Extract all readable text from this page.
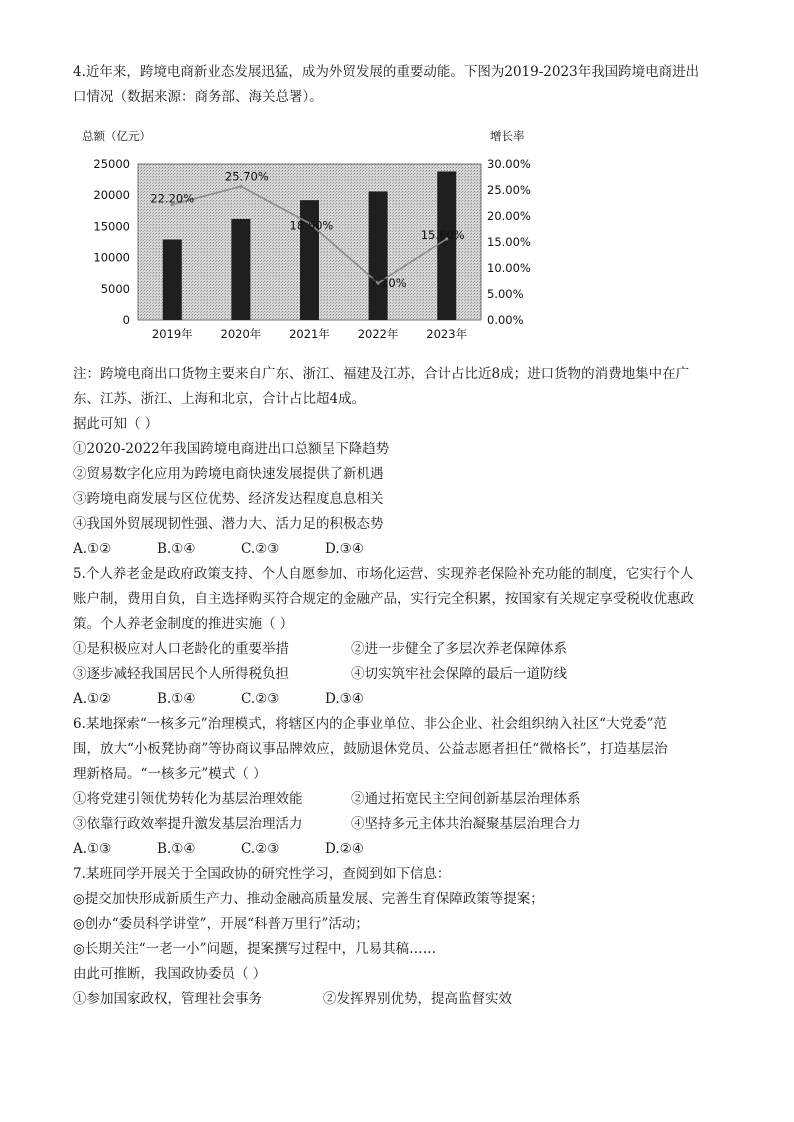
4.近年来，跨境电商新业态发展迅猛，成为外贸发展的重要动能。下图为2019-2023年我国跨境电商进出
口情况（数据来源：商务部、海关总署）。
总额（亿元）	增长率
0
5000
10000
15000
20000
25000
0.00%
5.00%
10.00%
15.00%
20.00%
25.00%
30.00%
22.20%
25.70%
18.60%
7.10%
15.60%
2019年 2020年 2021年 2022年 2023年
注：跨境电商出口货物主要来自广东、浙江、福建及江苏，合计占比近8成；进口货物的消费地集中在广
东、江苏、浙江、上海和北京，合计占比超4成。
据此可知（ ）
①2020-2022年我国跨境电商进出口总额呈下降趋势
②贸易数字化应用为跨境电商快速发展提供了新机遇
③跨境电商发展与区位优势、经济发达程度息息相关
④我国外贸展现韧性强、潜力大、活力足的积极态势
A.①②	B.①④	C.②③	D.③④
5.个人养老金是政府政策支持、个人自愿参加、市场化运营、实现养老保险补充功能的制度，它实行个人
账户制，费用自负，自主选择购买符合规定的金融产品，实行完全积累，按国家有关规定享受税收优惠政
策。个人养老金制度的推进实施（ ）
①是积极应对人口老龄化的重要举措	②进一步健全了多层次养老保障体系
③逐步减轻我国居民个人所得税负担	④切实筑牢社会保障的最后一道防线
A.①②	B.①④	C.②③	D.③④
6.某地探索“一核多元”治理模式，将辖区内的企事业单位、非公企业、社会组织纳入社区“大党委”范
围，放大“小板凳协商”等协商议事品牌效应，鼓励退休党员、公益志愿者担任“微格长”，打造基层治
理新格局。“一核多元”模式（ ）
①将党建引领优势转化为基层治理效能	②通过拓宽民主空间创新基层治理体系
③依靠行政效率提升激发基层治理活力	④坚持多元主体共治凝聚基层治理合力
A.①③	B.①④	C.②③	D.②④
7.某班同学开展关于全国政协的研究性学习，查阅到如下信息：
◎提交加快形成新质生产力、推动金融高质量发展、完善生育保障政策等提案；
◎创办“委员科学讲堂”，开展“科普万里行”活动；
◎长期关注“一老一小”问题，提案撰写过程中，几易其稿……
由此可推断，我国政协委员（ ）
①参加国家政权，管理社会事务	②发挥界别优势，提高监督实效
